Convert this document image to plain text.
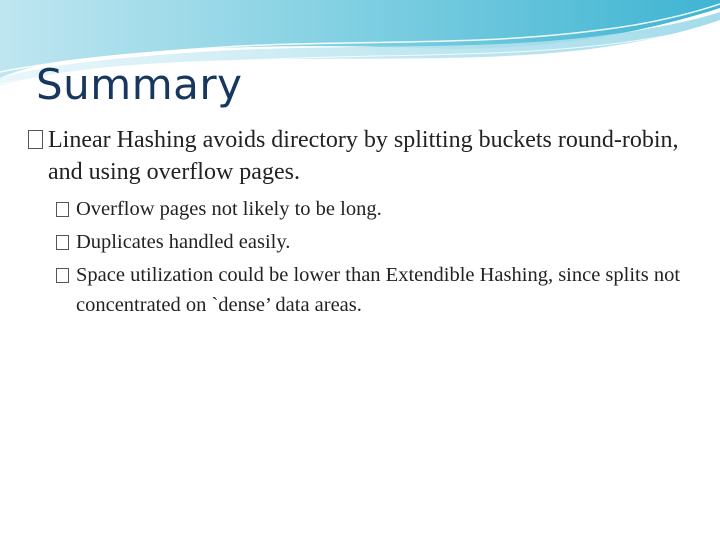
Summary
Linear Hashing avoids directory by splitting buckets round-robin, and using overflow pages.
Overflow pages not likely to be long.
Duplicates handled easily.
Space utilization could be lower than Extendible Hashing, since splits not concentrated on `dense’ data areas.
